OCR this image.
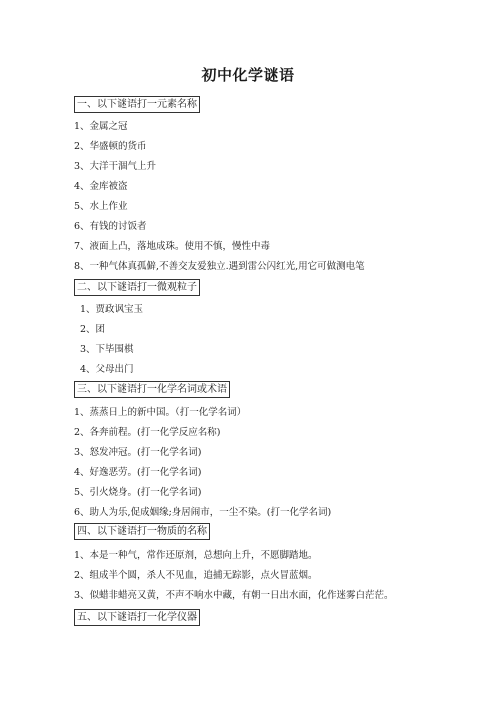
初中化学谜语
一、以下谜语打一元素名称
1、金属之冠
2、华盛顿的货币
3、大洋干涸气上升
4、金库被盗
5、水上作业
6、有钱的讨饭者
7、液面上凸，落地成珠。使用不慎，慢性中毒
8、一种气体真孤僻,不善交友爱独立.遇到雷公闪红光,用它可做测电笔
二、以下谜语打一微观粒子
1、贾政讽宝玉
2、团
3、下毕围棋
4、父母出门
三、以下谜语打一化学名词或术语
1、蒸蒸日上的新中国。（打一化学名词）
2、各奔前程。(打一化学反应名称)
3、怒发冲冠。(打一化学名词)
4、好逸恶劳。(打一化学名词)
5、引火烧身。(打一化学名词)
6、助人为乐,促成姻缘;身居闹市，一尘不染。(打一化学名词)
四、以下谜语打一物质的名称
1、本是一种气，常作还原剂，总想向上升，不愿脚踏地。
2、组成半个圆，杀人不见血，追捕无踪影，点火冒蓝烟。
3、似蜡非蜡亮又黄，不声不响水中藏，有朝一日出水面，化作迷雾白茫茫。
五、以下谜语打一化学仪器
